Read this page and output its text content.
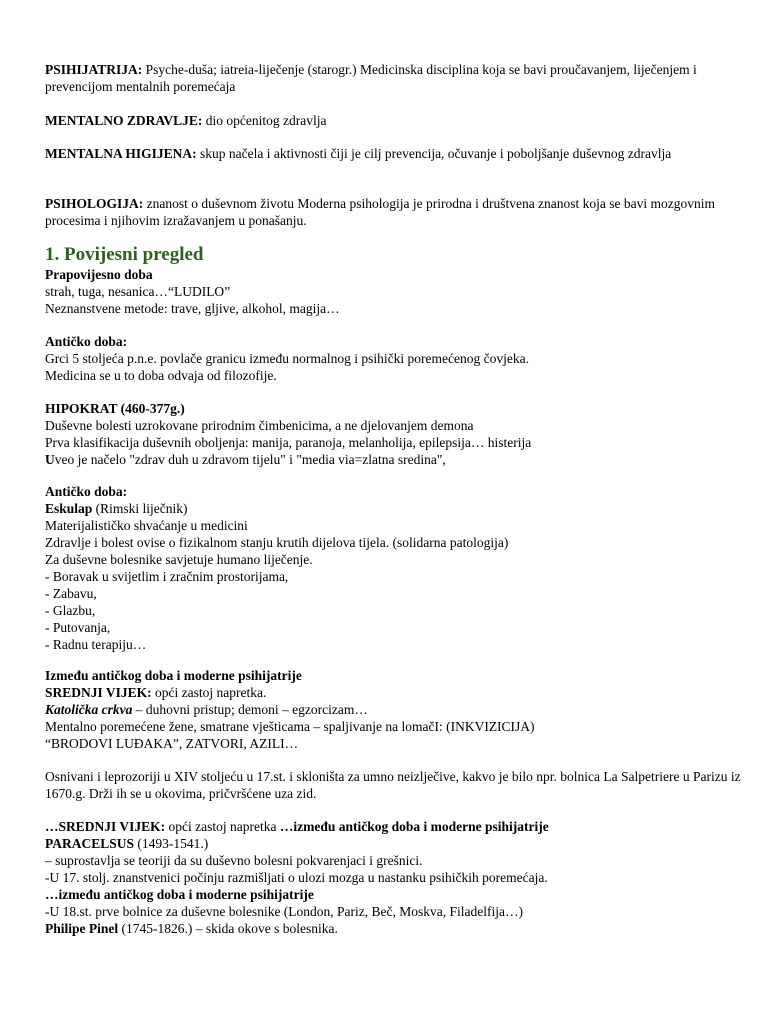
PSIHIJATRIJA: Psyche-duša; iatreia-liječenje (starogr.) Medicinska disciplina koja se bavi proučavanjem, liječenjem i prevencijom mentalnih poremećaja

MENTALNO ZDRAVLJE: dio općenitog zdravlja

MENTALNA HIGIJENA: skup načela i aktivnosti čiji je cilj prevencija, očuvanje i poboljšanje duševnog zdravlja

PSIHOLOGIJA: znanost o duševnom životu Moderna psihologija je prirodna i društvena znanost koja se bavi mozgovnim procesima i njihovim izražavanjem u ponašanju.

1. Povijesni pregled
Prapovijesno doba
strah, tuga, nesanica…“LUDILO”
Neznanstvene metode: trave, gljive, alkohol, magija…
Antičko doba:
Grci 5 stoljeća p.n.e. povlače granicu između normalnog i psihički poremećenog čovjeka.
Medicina se u to doba odvaja od filozofije.
HIPOKRAT (460-377g.)
Duševne bolesti uzrokovane prirodnim čimbenicima, a ne djelovanjem demona
Prva klasifikacija duševnih obolјenja: manija, paranoja, melanholija, epilepsija… histerija
Uveo je načelo "zdrav duh u zdravom tijelu" i "media via=zlatna sredina",
Antičko doba:
Eskulap (Rimski liječnik)
Materijalističko shvaćanje u medicini
Zdravlje i bolest ovise o fizikalnom stanju krutih dijelova tijela. (solidarna patologija)
Za duševne bolesnike savjetuje humano liječenje.
- Boravak u svijetlim i zračnim prostorijama,
- Zabavu,
- Glazbu,
- Putovanja,
- Radnu terapiju…
Između antičkog doba i moderne psihijatrije
SREDNJI VIJEK: opći zastoj napretka.
Katolička crkva – duhovni pristup; demoni – egzorcizam…
Mentalno poremećene žene, smatrane vješticama – spaljivanje na lomačI: (INKVIZICIJA)
“BRODOVI LUĐAKA”, ZATVORI, AZILI…

Osnivani i leprozoriji u XIV stoljeću u 17.st. i skloništa za umno neizlječive, kakvo je bilo npr. bolnica La Salpetriere u Parizu iz 1670.g. Drži ih se u okovima, pričvršćene uza zid.

…SREDNJI VIJEK: opći zastoj napretka …između antičkog doba i moderne psihijatrije
PARACELSUS (1493-1541.)
– suprostavlja se teoriji da su duševno bolesni pokvarenjaci i grešnici.
-U 17. stolj. znanstvenici počinju razmišljati o ulozi mozga u nastanku psihičkih poremećaja.
…između antičkog doba i moderne psihijatrije
-U 18.st. prve bolnice za duševne bolesnike (London, Pariz, Beč, Moskva, Filadelfija…)
Philipe Pinel (1745-1826.) – skida okove s bolesnika.
